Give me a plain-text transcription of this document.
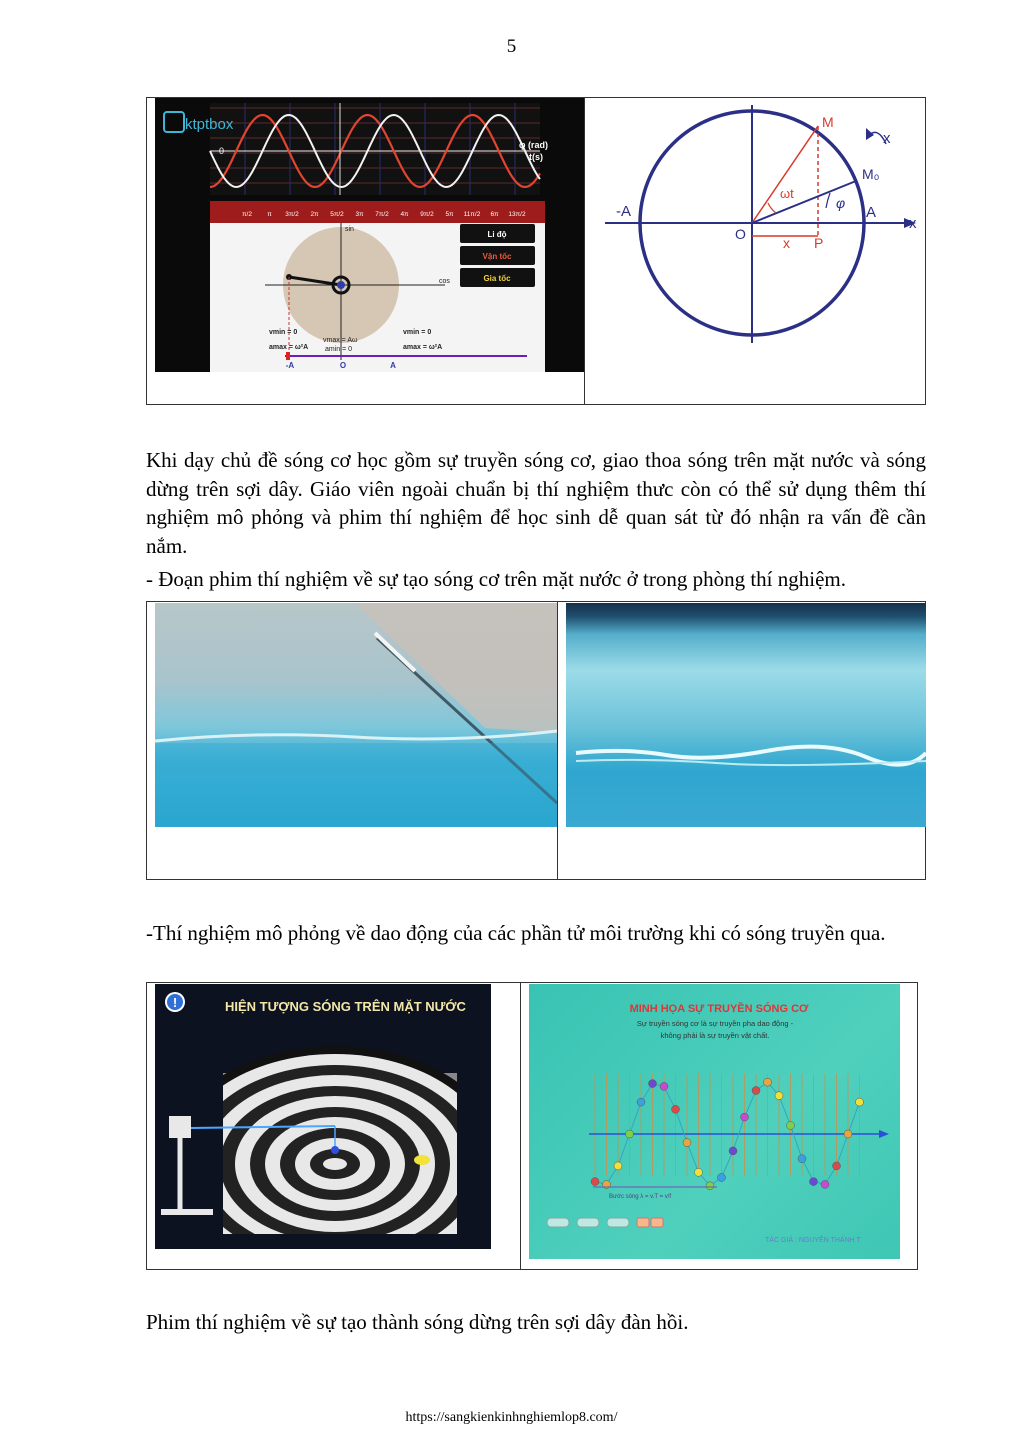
5
ktptbox
0
φ (rad)
t(s)
π/2 π 3π/2 2π 5π/2 3π 7π/2 4π 9π/2 5π 11π/2 6π 13π/2
sin
cos
Li độ
Vận tốc
Gia tốc
vmin = 0
amax = ω²A
vmax = Aω
amin = 0
vmin = 0
amax = ω²A
-A	O	A
M
M₀
x
x
-A	A
O
ωt
φ
x P
Khi dạy chủ đề sóng cơ học gồm sự truyền sóng cơ, giao thoa sóng trên mặt nước và sóng dừng trên sợi dây. Giáo viên ngoài chuẩn bị thí nghiệm thưc còn có thể sử dụng thêm thí nghiệm mô phỏng và phim thí nghiệm để học sinh dễ quan sát từ đó nhận ra vấn đề cần nắm.
- Đoạn phim thí nghiệm về sự tạo sóng cơ trên mặt nước ở trong phòng thí nghiệm.
-Thí nghiệm mô phỏng về dao động của các phần tử môi trường khi có sóng truyền qua.
!	HIỆN TƯỢNG SÓNG TRÊN MẶT NƯỚC	MINH HỌA SỰ TRUYỀN SÓNG CƠ
Sự truyền sóng cơ là sự truyền pha dao động -
không phải là sự truyền vật chất.
Bước sóng λ = v.T = v/f
TÁC GIẢ : NGUYỄN THÀNH T
Phim thí nghiệm về sự tạo thành sóng dừng trên sợi dây đàn hồi.
https://sangkienkinhnghiemlop8.com/
